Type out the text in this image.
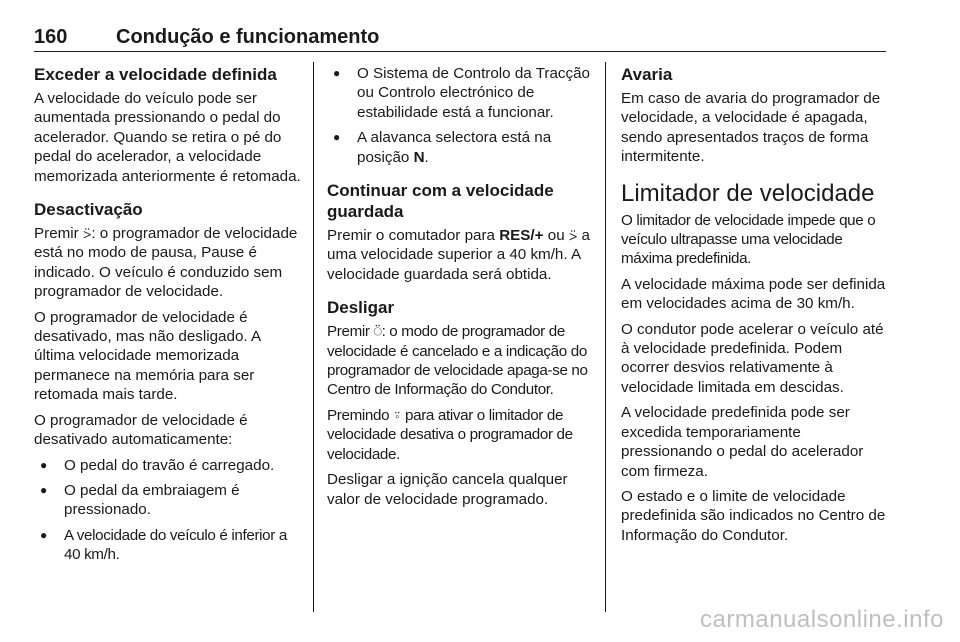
160 Condução e funcionamento
Exceder a velocidade definida

A velocidade do veículo pode ser aumentada pressionando o pedal do acelerador. Quando se retira o pé do pedal do acelerador, a velocidade memorizada anteriormente é retomada.

Desactivação

Premir ⍩: o programador de velocidade está no modo de pausa, Pause é indicado. O veículo é conduzido sem programador de velocidade.

O programador de velocidade é desativado, mas não desligado. A última velocidade memorizada permanece na memória para ser retomada mais tarde.

O programador de velocidade é desativado automaticamente:

● O pedal do travão é carregado.
● O pedal da embraiagem é pressionado.
● A velocidade do veículo é inferior a 40 km/h.
● O Sistema de Controlo da Tracção ou Controlo electrónico de estabilidade está a funcionar.
● A alavanca selectora está na posição N.
Continuar com a velocidade guardada

Premir o comutador para RES/+ ou ⍩ a uma velocidade superior a 40 km/h. A velocidade guardada será obtida.

Desligar

Premir ⍥: o modo de programador de velocidade é cancelado e a indicação do programador de velocidade apaga-se no Centro de Informação do Condutor.

Premindo ⍤ para ativar o limitador de velocidade desativa o programador de velocidade.

Desligar a ignição cancela qualquer valor de velocidade programado.

Avaria

Em caso de avaria do programador de velocidade, a velocidade é apagada, sendo apresentados traços de forma intermitente.

Limitador de velocidade

O limitador de velocidade impede que o veículo ultrapasse uma velocidade máxima predefinida.

A velocidade máxima pode ser definida em velocidades acima de 30 km/h.

O condutor pode acelerar o veículo até à velocidade predefinida. Podem ocorrer desvios relativamente à velocidade limitada em descidas.

A velocidade predefinida pode ser excedida temporariamente pressionando o pedal do acelerador com firmeza.

O estado e o limite de velocidade predefinida são indicados no Centro de Informação do Condutor.

carmanualsonline.info
